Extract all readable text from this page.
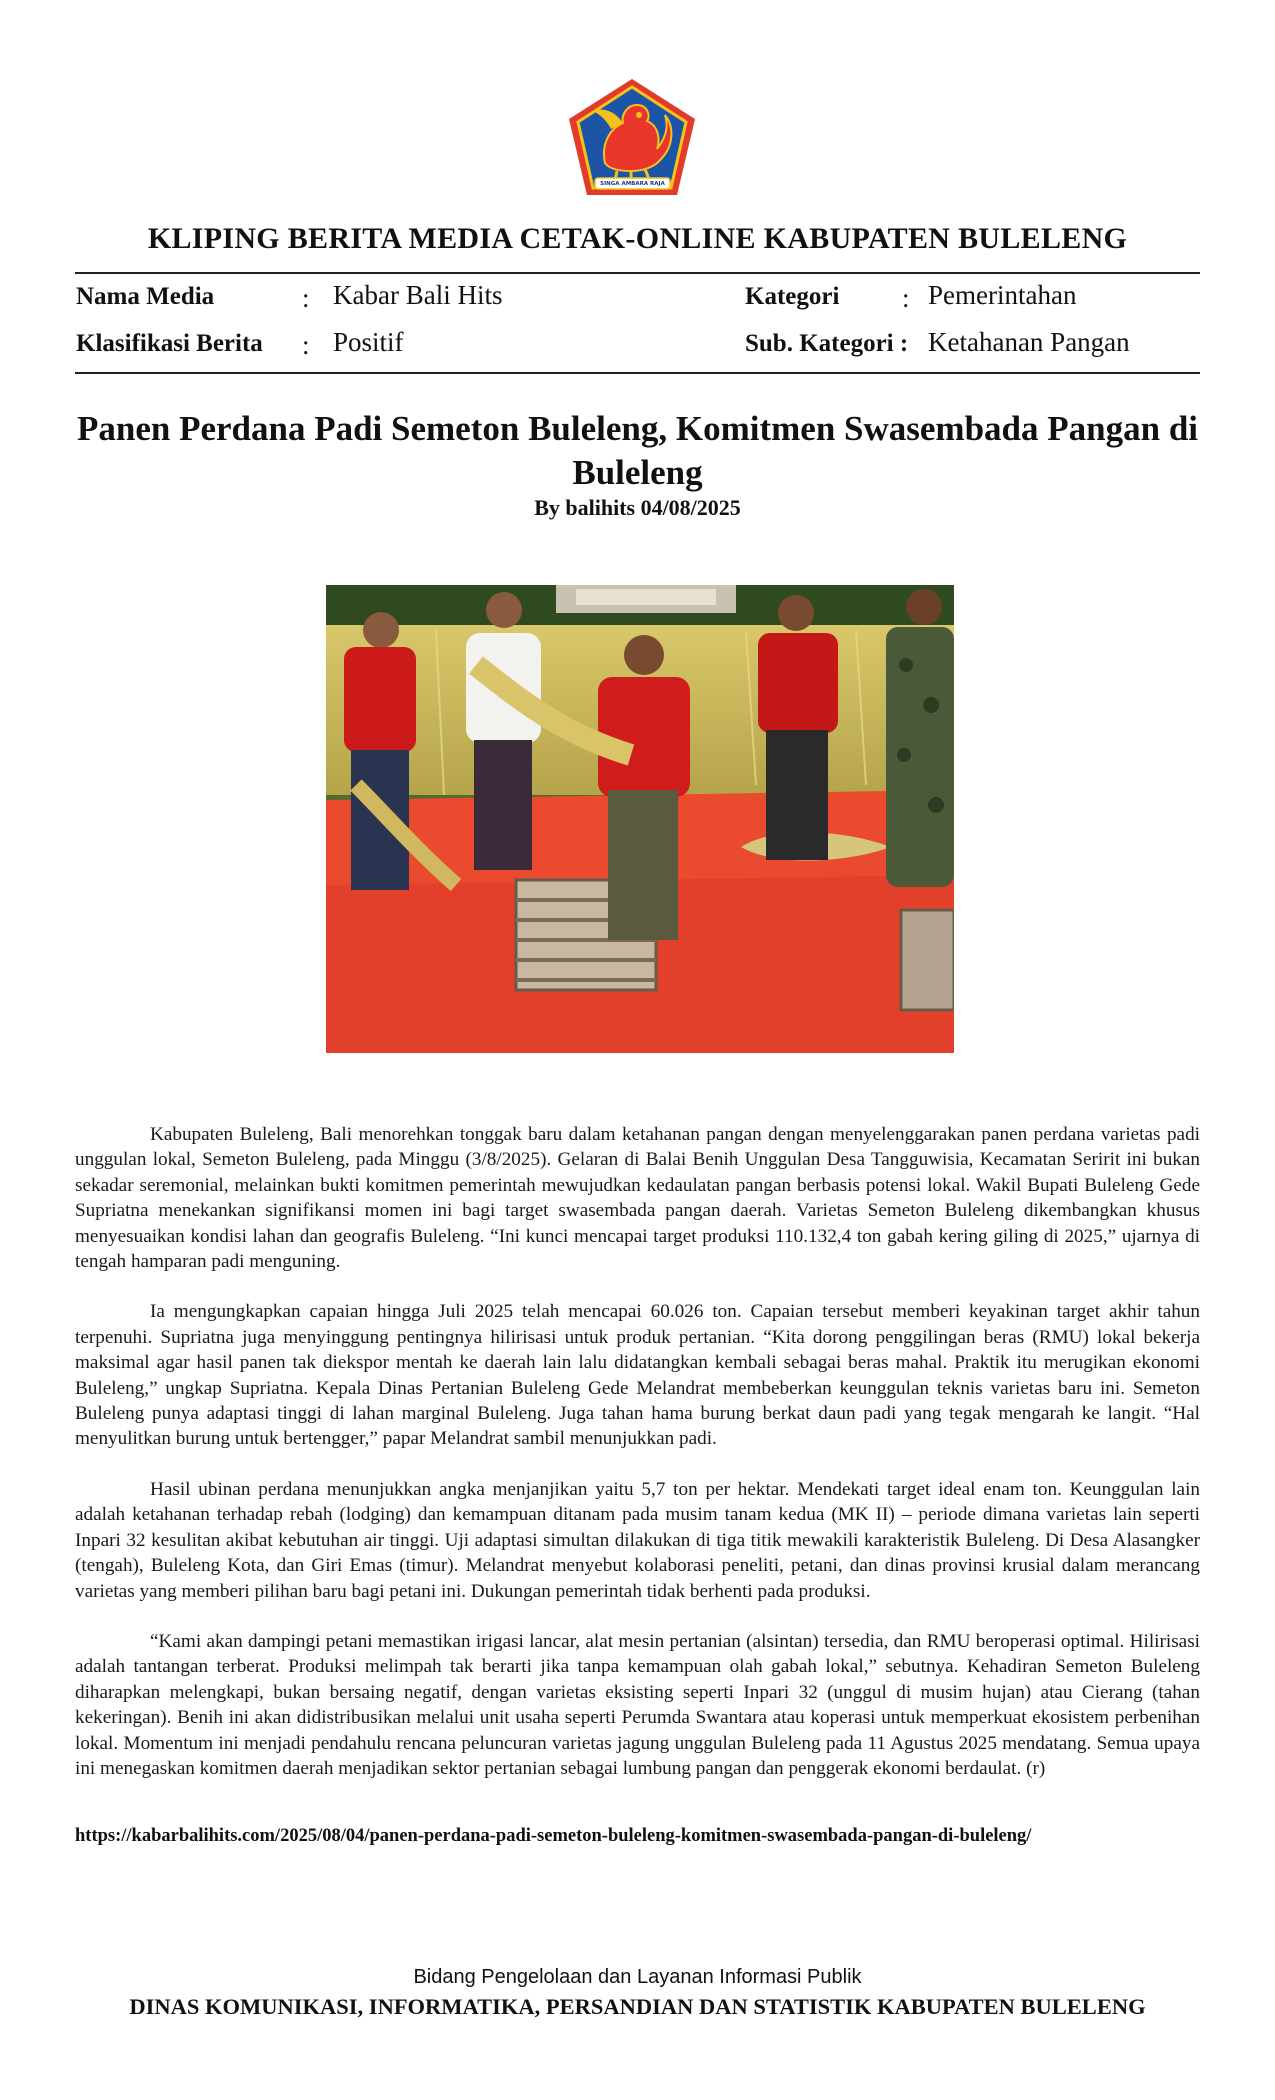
SINGA AMBARA RAJA
KLIPING BERITA MEDIA CETAK-ONLINE KABUPATEN BULELENG
Nama Media	: Kabar Bali Hits
Klasifikasi Berita : Positif
Kategori : Pemerintahan
Sub. Kategori : Ketahanan Pangan
Panen Perdana Padi Semeton Buleleng, Komitmen Swasembada Pangan di Buleleng
By balihits 04/08/2025

Kabupaten Buleleng, Bali menorehkan tonggak baru dalam ketahanan pangan dengan menyelenggarakan panen perdana varietas padi unggulan lokal, Semeton Buleleng, pada Minggu (3/8/2025). Gelaran di Balai Benih Unggulan Desa Tangguwisia, Kecamatan Seririt ini bukan sekadar seremonial, melainkan bukti komitmen pemerintah mewujudkan kedaulatan pangan berbasis potensi lokal. Wakil Bupati Buleleng Gede Supriatna menekankan signifikansi momen ini bagi target swasembada pangan daerah. Varietas Semeton Buleleng dikembangkan khusus menyesuaikan kondisi lahan dan geografis Buleleng. “Ini kunci mencapai target produksi 110.132,4 ton gabah kering giling di 2025,” ujarnya di tengah hamparan padi menguning.

Ia mengungkapkan capaian hingga Juli 2025 telah mencapai 60.026 ton. Capaian tersebut memberi keyakinan target akhir tahun terpenuhi. Supriatna juga menyinggung pentingnya hilirisasi untuk produk pertanian. “Kita dorong penggilingan beras (RMU) lokal bekerja maksimal agar hasil panen tak diekspor mentah ke daerah lain lalu didatangkan kembali sebagai beras mahal. Praktik itu merugikan ekonomi Buleleng,” ungkap Supriatna. Kepala Dinas Pertanian Buleleng Gede Melandrat membeberkan keunggulan teknis varietas baru ini. Semeton Buleleng punya adaptasi tinggi di lahan marginal Buleleng. Juga tahan hama burung berkat daun padi yang tegak mengarah ke langit. “Hal menyulitkan burung untuk bertengger,” papar Melandrat sambil menunjukkan padi.

Hasil ubinan perdana menunjukkan angka menjanjikan yaitu 5,7 ton per hektar. Mendekati target ideal enam ton. Keunggulan lain adalah ketahanan terhadap rebah (lodging) dan kemampuan ditanam pada musim tanam kedua (MK II) – periode dimana varietas lain seperti Inpari 32 kesulitan akibat kebutuhan air tinggi. Uji adaptasi simultan dilakukan di tiga titik mewakili karakteristik Buleleng. Di Desa Alasangker (tengah), Buleleng Kota, dan Giri Emas (timur). Melandrat menyebut kolaborasi peneliti, petani, dan dinas provinsi krusial dalam merancang varietas yang memberi pilihan baru bagi petani ini. Dukungan pemerintah tidak berhenti pada produksi.

“Kami akan dampingi petani memastikan irigasi lancar, alat mesin pertanian (alsintan) tersedia, dan RMU beroperasi optimal. Hilirisasi adalah tantangan terberat. Produksi melimpah tak berarti jika tanpa kemampuan olah gabah lokal,” sebutnya. Kehadiran Semeton Buleleng diharapkan melengkapi, bukan bersaing negatif, dengan varietas eksisting seperti Inpari 32 (unggul di musim hujan) atau Cierang (tahan kekeringan). Benih ini akan didistribusikan melalui unit usaha seperti Perumda Swantara atau koperasi untuk memperkuat ekosistem perbenihan lokal. Momentum ini menjadi pendahulu rencana peluncuran varietas jagung unggulan Buleleng pada 11 Agustus 2025 mendatang. Semua upaya ini menegaskan komitmen daerah menjadikan sektor pertanian sebagai lumbung pangan dan penggerak ekonomi berdaulat. (r)

https://kabarbalihits.com/2025/08/04/panen-perdana-padi-semeton-buleleng-komitmen-swasembada-pangan-di-buleleng/
Bidang Pengelolaan dan Layanan Informasi Publik
DINAS KOMUNIKASI, INFORMATIKA, PERSANDIAN DAN STATISTIK KABUPATEN BULELENG
